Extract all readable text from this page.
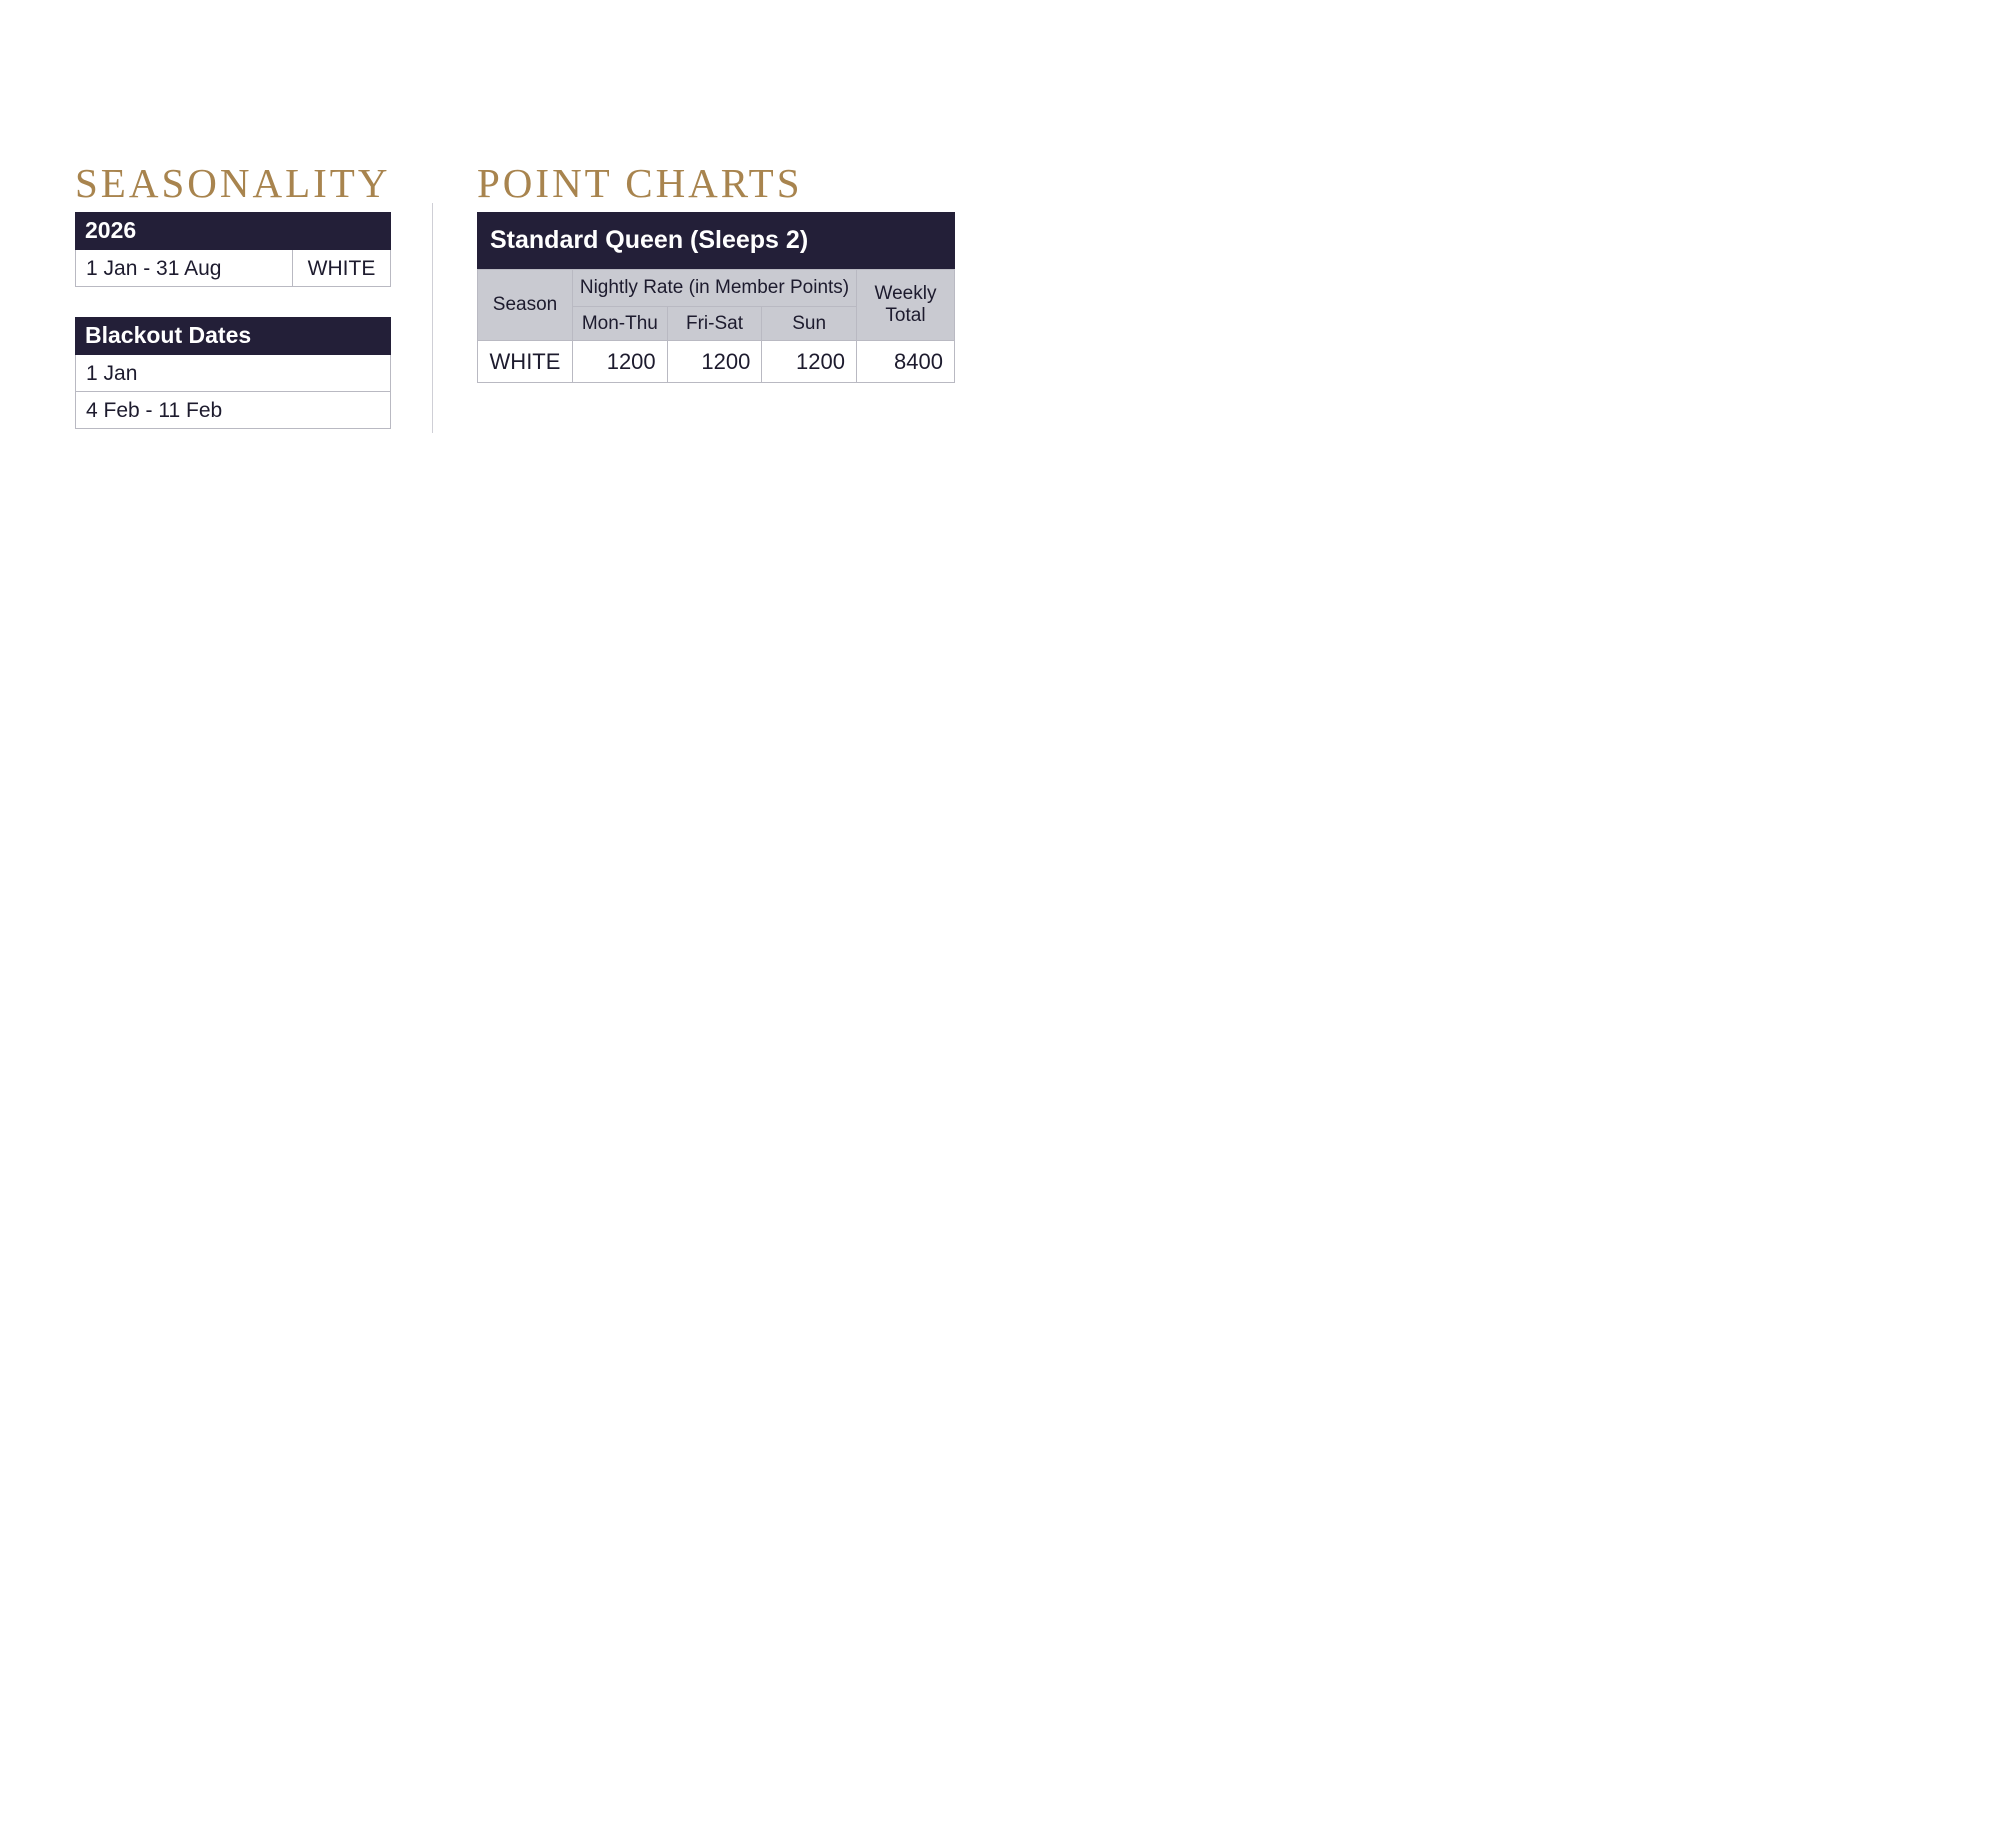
SEASONALITY POINT CHARTS
2026
1 Jan - 31 Aug	WHITE
Blackout Dates
1 Jan
4 Feb - 11 Feb
Standard Queen (Sleeps 2)
Season	Nightly Rate (in Member Points)			Weekly
Total
	Mon-Thu	Fri-Sat	Sun	
WHITE	1200	1200	1200	8400
